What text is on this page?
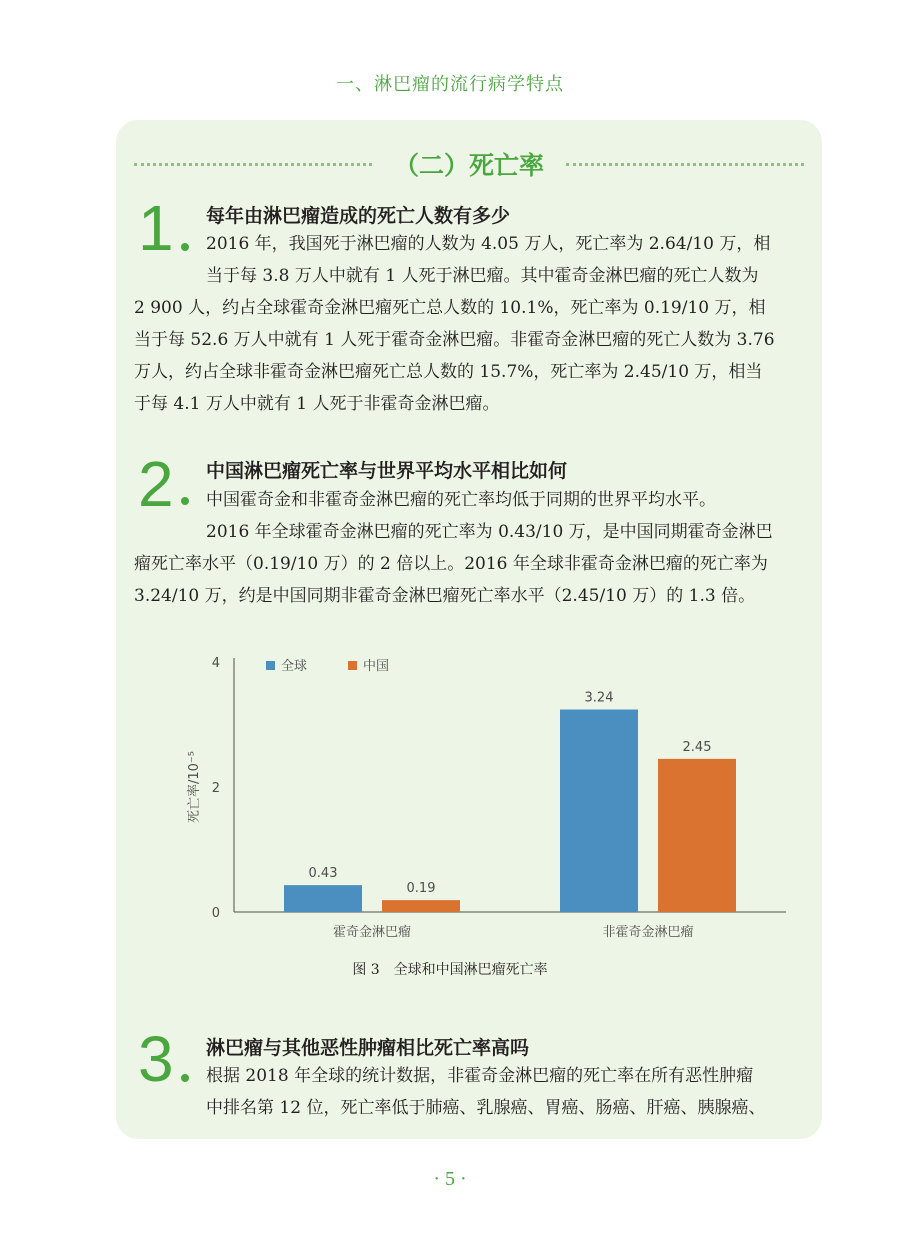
一、淋巴瘤的流行病学特点
（二）死亡率
1 每年由淋巴瘤造成的死亡人数有多少

2016 年，我国死于淋巴瘤的人数为 4.05 万人，死亡率为 2.64/10 万，相

当于每 3.8 万人中就有 1 人死于淋巴瘤。其中霍奇金淋巴瘤的死亡人数为

2 900 人，约占全球霍奇金淋巴瘤死亡总人数的 10.1%，死亡率为 0.19/10 万，相

当于每 52.6 万人中就有 1 人死于霍奇金淋巴瘤。非霍奇金淋巴瘤的死亡人数为 3.76

万人，约占全球非霍奇金淋巴瘤死亡总人数的 15.7%，死亡率为 2.45/10 万，相当

于每 4.1 万人中就有 1 人死于非霍奇金淋巴瘤。

2 中国淋巴瘤死亡率与世界平均水平相比如何

中国霍奇金和非霍奇金淋巴瘤的死亡率均低于同期的世界平均水平。

2016 年全球霍奇金淋巴瘤的死亡率为 0.43/10 万，是中国同期霍奇金淋巴

瘤死亡率水平（0.19/10 万）的 2 倍以上。2016 年全球非霍奇金淋巴瘤的死亡率为

3.24/10 万，约是中国同期非霍奇金淋巴瘤死亡率水平（2.45/10 万）的 1.3 倍。

0
2
4
死亡率/10⁻⁵
0.43
0.19
霍奇金淋巴瘤
3.24
2.45
非霍奇金淋巴瘤
全球	中国
图 3　全球和中国淋巴瘤死亡率
3 淋巴瘤与其他恶性肿瘤相比死亡率高吗

根据 2018 年全球的统计数据，非霍奇金淋巴瘤的死亡率在所有恶性肿瘤

中排名第 12 位，死亡率低于肺癌、乳腺癌、胃癌、肠癌、肝癌、胰腺癌、

· 5 ·
